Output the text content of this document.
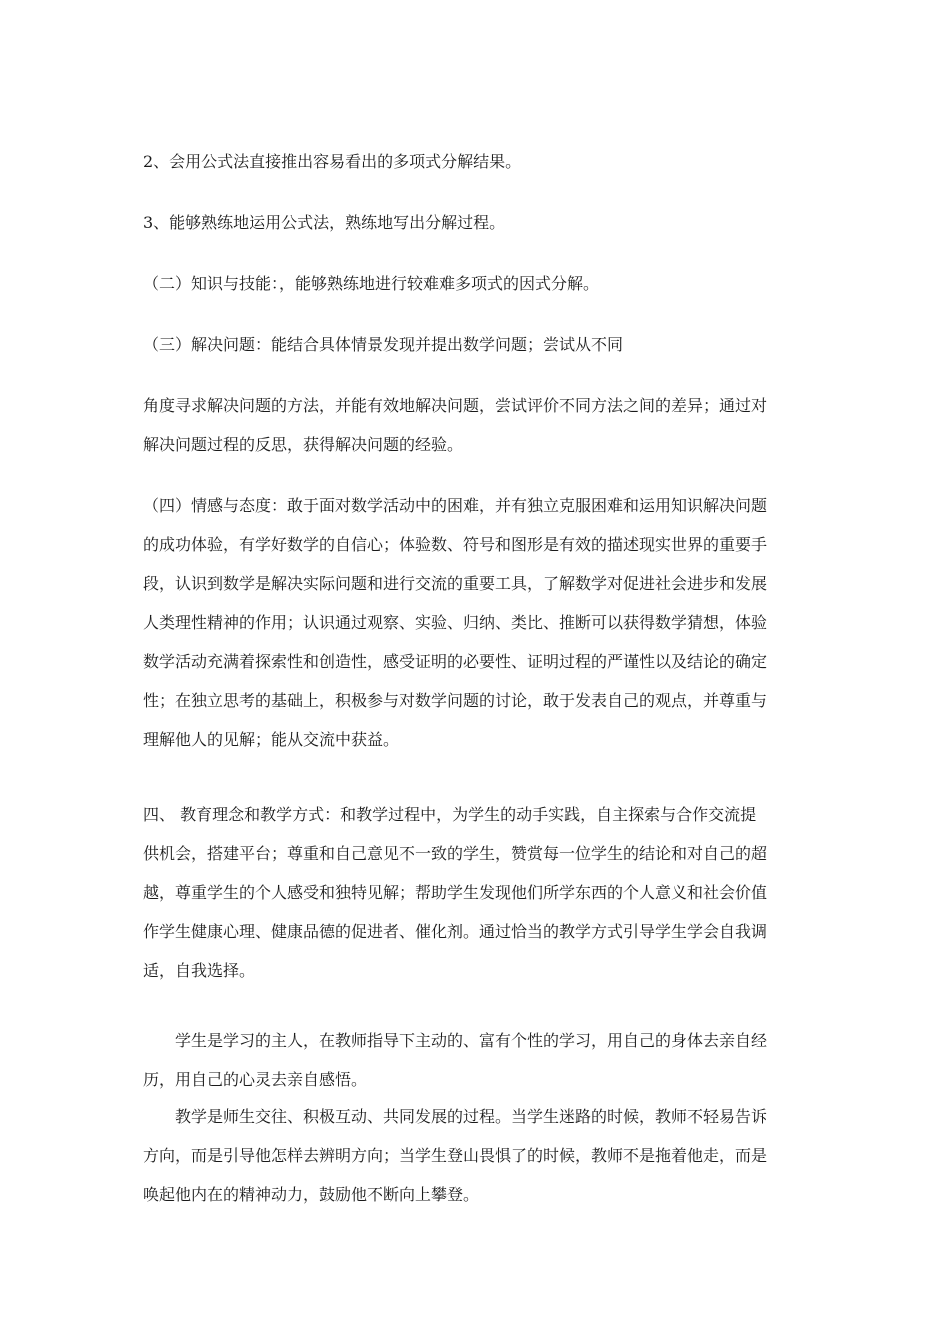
2、会用公式法直接推出容易看出的多项式分解结果。
3、能够熟练地运用公式法，熟练地写出分解过程。
（二）知识与技能：，能够熟练地进行较难难多项式的因式分解。
（三）解决问题：能结合具体情景发现并提出数学问题；尝试从不同
角度寻求解决问题的方法，并能有效地解决问题，尝试评价不同方法之间的差异；通过对
解决问题过程的反思，获得解决问题的经验。
（四）情感与态度：敢于面对数学活动中的困难，并有独立克服困难和运用知识解决问题
的成功体验，有学好数学的自信心；体验数、符号和图形是有效的描述现实世界的重要手
段，认识到数学是解决实际问题和进行交流的重要工具，了解数学对促进社会进步和发展
人类理性精神的作用；认识通过观察、实验、归纳、类比、推断可以获得数学猜想，体验
数学活动充满着探索性和创造性，感受证明的必要性、证明过程的严谨性以及结论的确定
性；在独立思考的基础上，积极参与对数学问题的讨论，敢于发表自己的观点，并尊重与
理解他人的见解；能从交流中获益。
四、 教育理念和教学方式：和教学过程中，为学生的动手实践，自主探索与合作交流提
供机会，搭建平台；尊重和自己意见不一致的学生，赞赏每一位学生的结论和对自己的超
越，尊重学生的个人感受和独特见解；帮助学生发现他们所学东西的个人意义和社会价值
作学生健康心理、健康品德的促进者、催化剂。通过恰当的教学方式引导学生学会自我调
适，自我选择。
学生是学习的主人，在教师指导下主动的、富有个性的学习，用自己的身体去亲自经
历，用自己的心灵去亲自感悟。
教学是师生交往、积极互动、共同发展的过程。当学生迷路的时候，教师不轻易告诉
方向，而是引导他怎样去辨明方向；当学生登山畏惧了的时候，教师不是拖着他走，而是
唤起他内在的精神动力，鼓励他不断向上攀登。
